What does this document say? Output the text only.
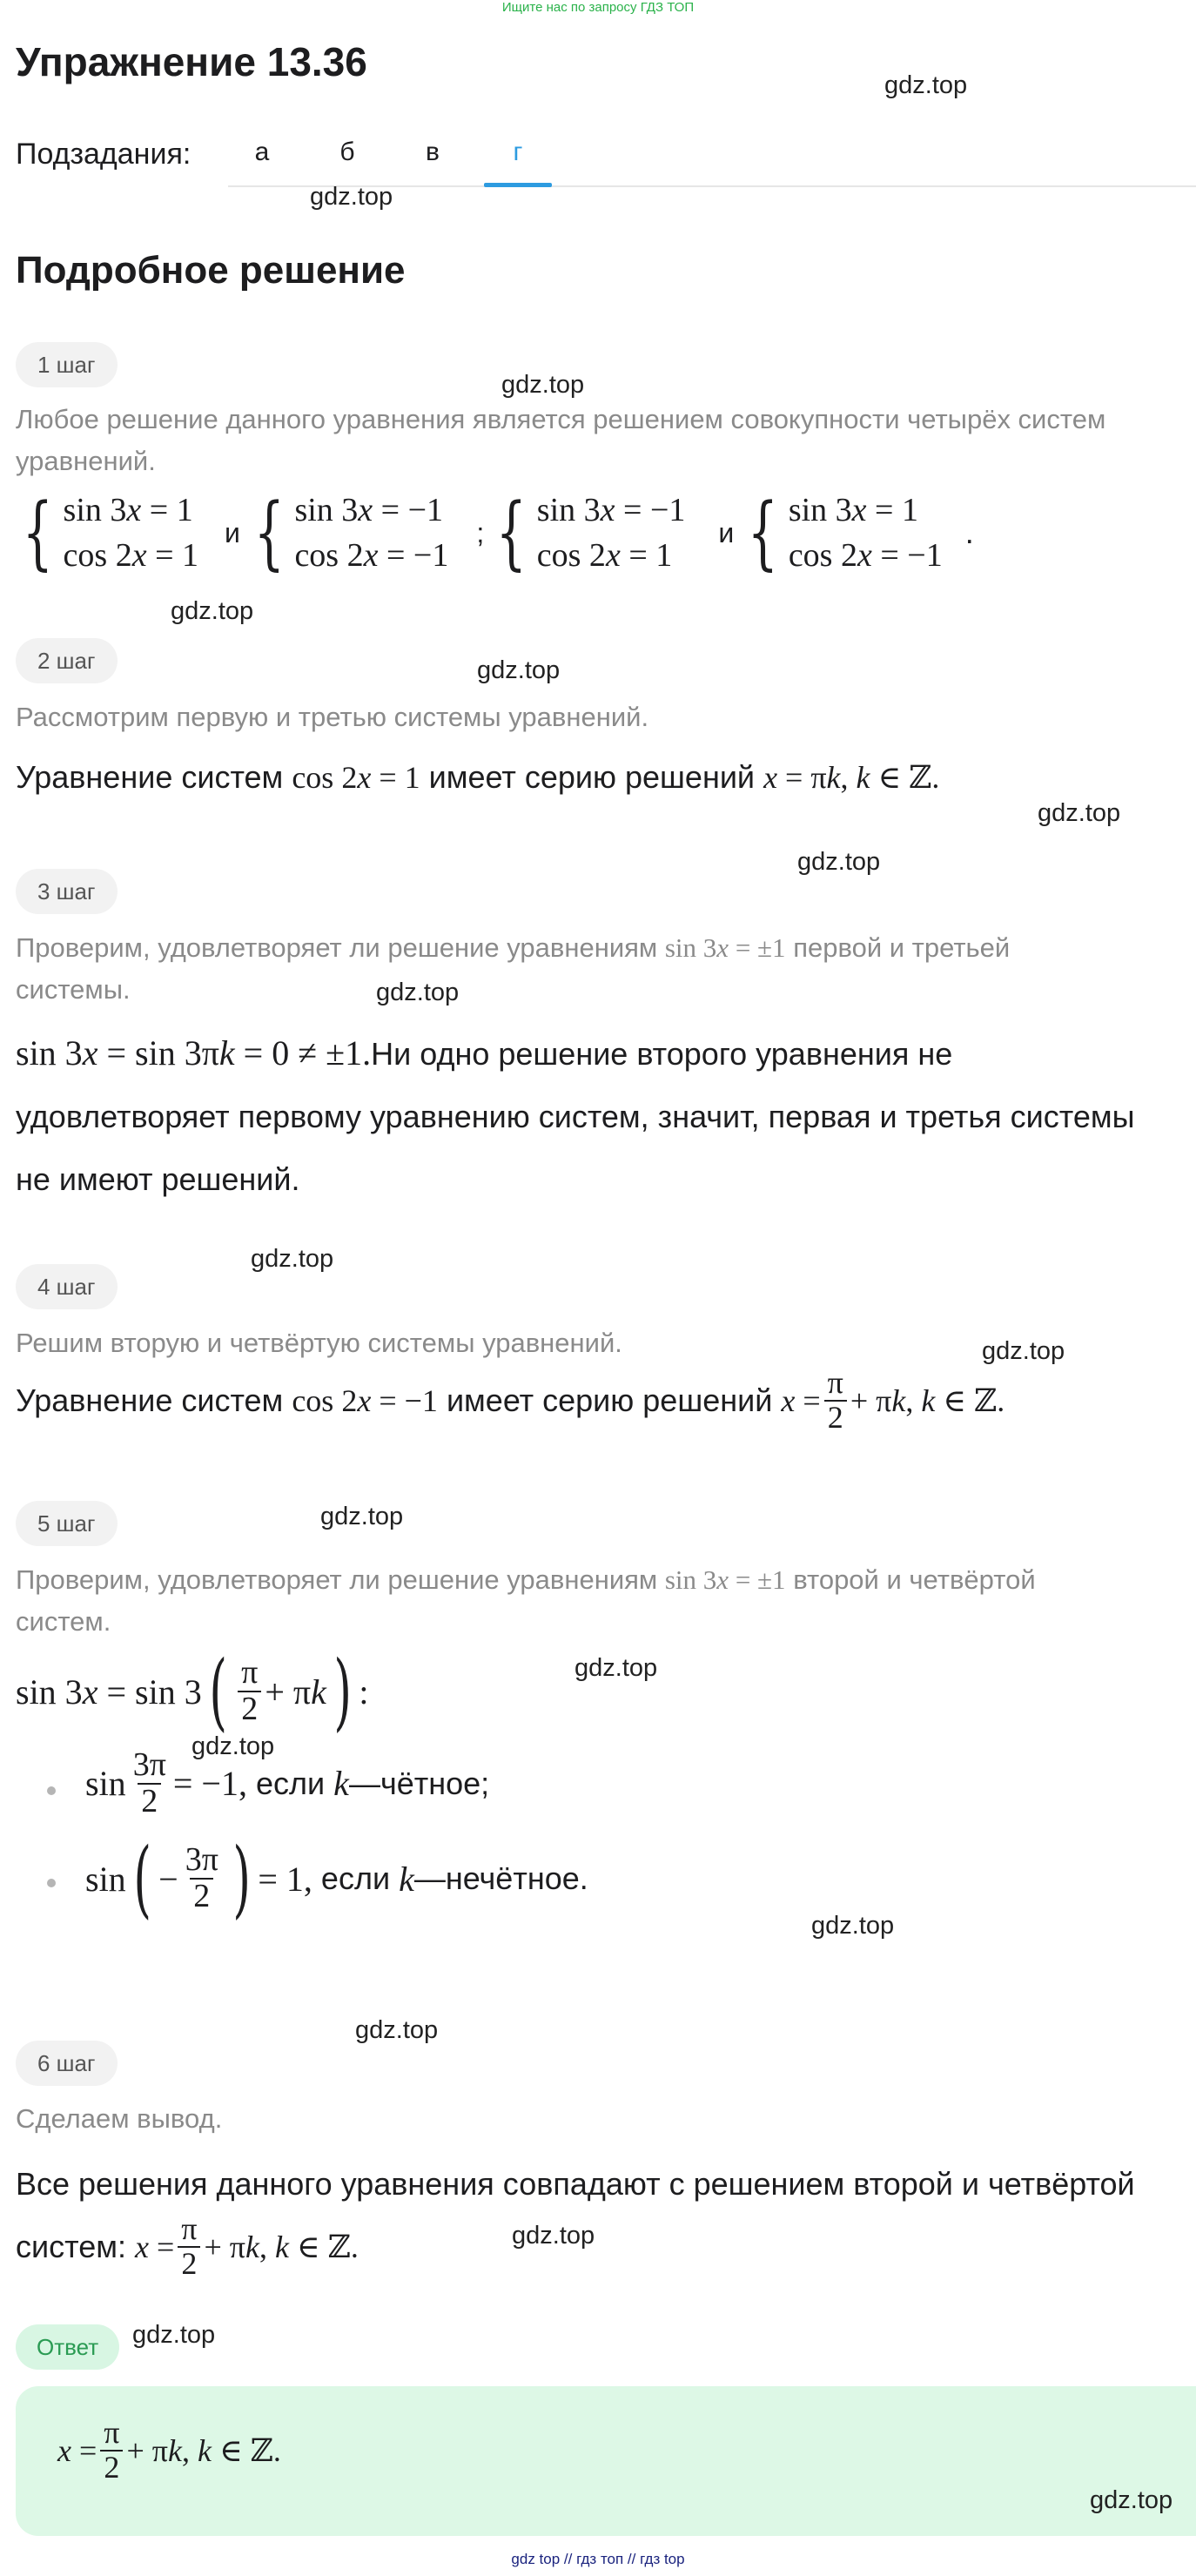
Ищите нас по запросу ГДЗ ТОП
Упражнение 13.36
Подзадания:	а	б	в	г
Подробное решение
1 шаг
Любое решение данного уравнения является решением совокупности четырёх систем уравнений.
{ sin 3x = 1
cos 2x = 1
и { sin 3x = −1
cos 2x = −1
; { sin 3x = −1
cos 2x = 1
и { sin 3x = 1
cos 2x = −1
.
2 шаг
Рассмотрим первую и третью системы уравнений.
Уравнение систем cos 2x = 1 имеет серию решений x = πk, k ∈ ℤ.
3 шаг
Проверим, удовлетворяет ли решение уравнениям sin 3x = ±1 первой и третьей
системы.
sin 3x = sin 3πk = 0 ≠ ±1.Ни одно решение второго уравнения не
удовлетворяет первому уравнению систем, значит, первая и третья системы
не имеют решений.
4 шаг
Решим вторую и четвёртую системы уравнений.
Уравнение систем
cos 2x = −1
имеет серию решений
$x = \frac{\pi}{2} + \pi k$, k ∈ ℤ.
5 шаг
Проверим, удовлетворяет ли решение уравнениям sin 3x = ±1 второй и четвёртой
систем.
sin 3x = sin 3 ( $\frac{\pi}{2} + \pi k$ ) :
$\sin \frac{3\pi}{2} = -1$,
если
k —чётное;
sin ( − $\frac{3\pi}{2}$ ) = 1,
если
k —нечётное.
6 шаг
Сделаем вывод.
Все решения данного уравнения совпадают с решением второй и четвёртой
систем:
$x = \frac{\pi}{2} + \pi k$, k ∈ ℤ.
Ответ
$x = \frac{\pi}{2} + \pi k$, k ∈ ℤ.
gdz.top
gdz.top
gdz.top
gdz.top
gdz.top
gdz.top
gdz.top
gdz.top
gdz.top
gdz.top
gdz.top
gdz.top
gdz.top
gdz.top
gdz.top
gdz.top
gdz.top
gdz.top
gdz top // гдз топ // гдз top
